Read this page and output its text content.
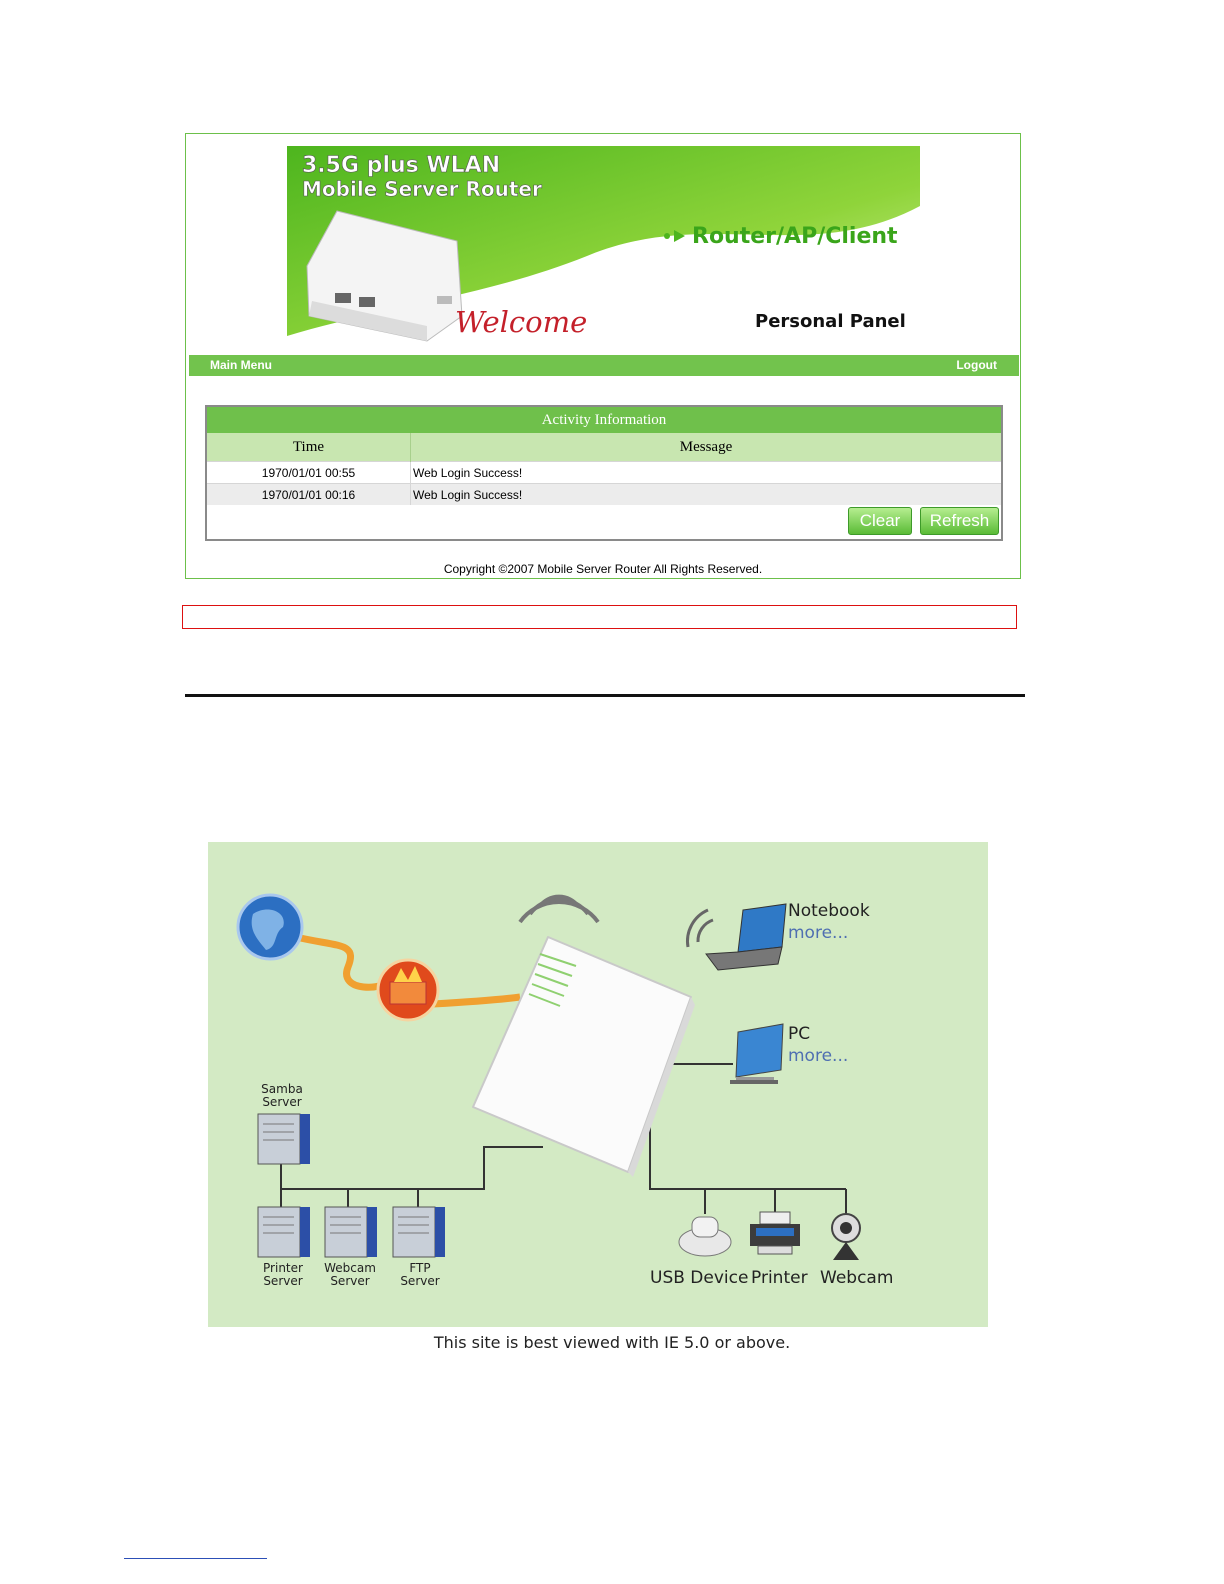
3.5G plus WLAN
Mobile Server Router
Router/AP/Client
Welcome	Personal Panel
Main Menu	Logout
Activity Information
Time	Message
1970/01/01 00:55	Web Login Success!
1970/01/01 00:16	Web Login Success!
Clear	Refresh
Copyright ©2007 Mobile Server Router All Rights Reserved.
Notebook
more...
PC
more...
Samba
Server
Printer
Server
Webcam
Server
FTP
Server	USB Device Printer Webcam
This site is best viewed with IE 5.0 or above.
